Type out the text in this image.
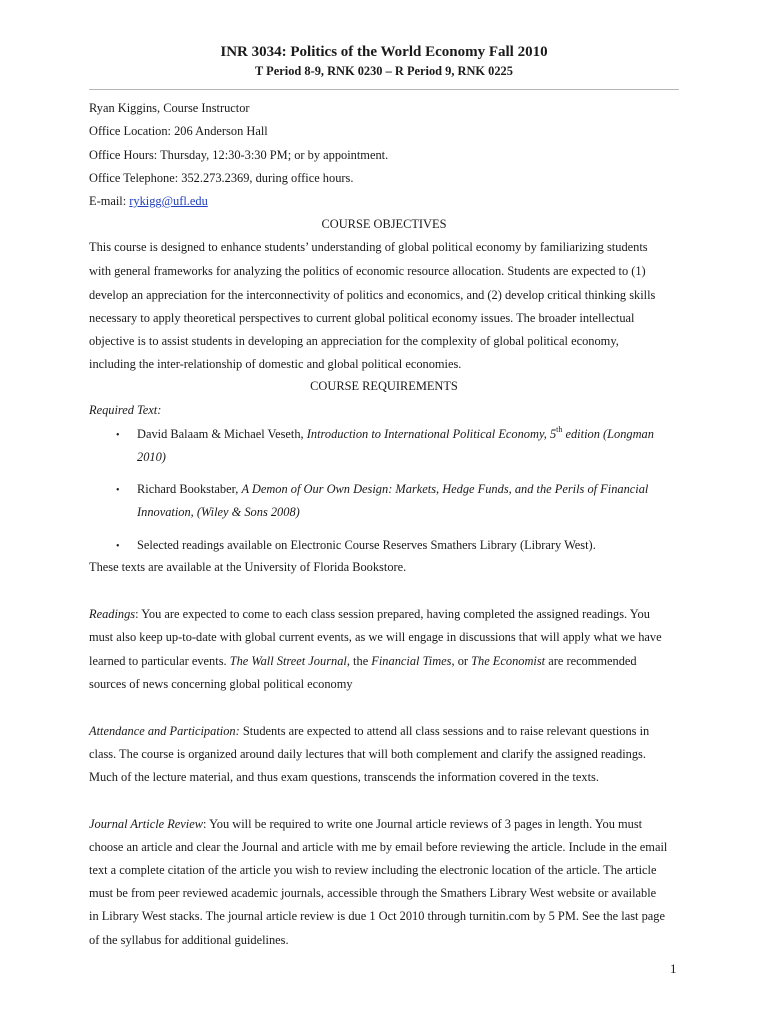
INR 3034: Politics of the World Economy Fall 2010
T Period 8-9, RNK 0230 – R Period 9, RNK 0225
Ryan Kiggins, Course Instructor
Office Location: 206 Anderson Hall
Office Hours: Thursday, 12:30-3:30 PM; or by appointment.
Office Telephone: 352.273.2369, during office hours.
E-mail: rykigg@ufl.edu
COURSE OBJECTIVES
This course is designed to enhance students’ understanding of global political economy by familiarizing students
with general frameworks for analyzing the politics of economic resource allocation. Students are expected to (1)
develop an appreciation for the interconnectivity of politics and economics, and (2) develop critical thinking skills
necessary to apply theoretical perspectives to current global political economy issues. The broader intellectual
objective is to assist students in developing an appreciation for the complexity of global political economy,
including the inter-relationship of domestic and global political economies.
COURSE REQUIREMENTS
Required Text:
• David Balaam & Michael Veseth, Introduction to International Political Economy, 5th edition (Longman
2010)
• Richard Bookstaber, A Demon of Our Own Design: Markets, Hedge Funds, and the Perils of Financial
Innovation, (Wiley & Sons 2008)
• Selected readings available on Electronic Course Reserves Smathers Library (Library West).
These texts are available at the University of Florida Bookstore.
Readings: You are expected to come to each class session prepared, having completed the assigned readings. You
must also keep up-to-date with global current events, as we will engage in discussions that will apply what we have
learned to particular events. The Wall Street Journal, the Financial Times, or The Economist are recommended
sources of news concerning global political economy
Attendance and Participation: Students are expected to attend all class sessions and to raise relevant questions in
class. The course is organized around daily lectures that will both complement and clarify the assigned readings.
Much of the lecture material, and thus exam questions, transcends the information covered in the texts.
Journal Article Review: You will be required to write one Journal article reviews of 3 pages in length. You must
choose an article and clear the Journal and article with me by email before reviewing the article. Include in the email
text a complete citation of the article you wish to review including the electronic location of the article. The article
must be from peer reviewed academic journals, accessible through the Smathers Library West website or available
in Library West stacks. The journal article review is due 1 Oct 2010 through turnitin.com by 5 PM. See the last page
of the syllabus for additional guidelines.
1
